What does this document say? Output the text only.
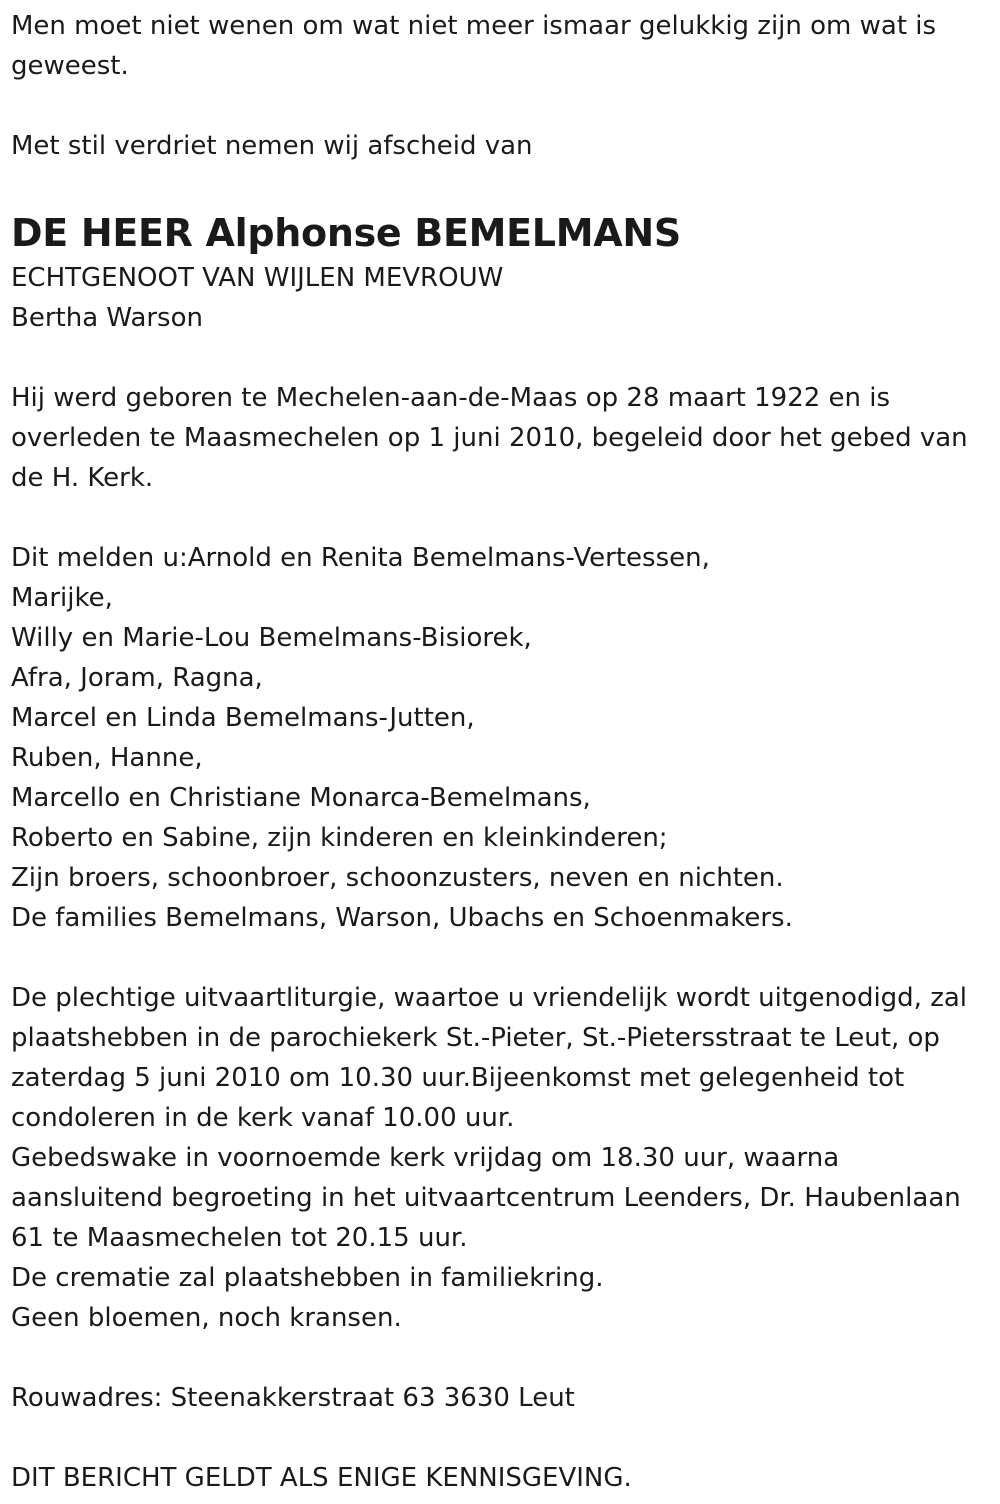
Men moet niet wenen om wat niet meer ismaar gelukkig zijn om wat is
geweest.
Met stil verdriet nemen wij afscheid van
DE HEER Alphonse BEMELMANS
ECHTGENOOT VAN WIJLEN MEVROUW
Bertha Warson
Hij werd geboren te Mechelen-aan-de-Maas op 28 maart 1922 en is
overleden te Maasmechelen op 1 juni 2010, begeleid door het gebed van
de H. Kerk.
Dit melden u:Arnold en Renita Bemelmans-Vertessen,
Marijke,
Willy en Marie-Lou Bemelmans-Bisiorek,
Afra, Joram, Ragna,
Marcel en Linda Bemelmans-Jutten,
Ruben, Hanne,
Marcello en Christiane Monarca-Bemelmans,
Roberto en Sabine, zijn kinderen en kleinkinderen;
Zijn broers, schoonbroer, schoonzusters, neven en nichten.
De families Bemelmans, Warson, Ubachs en Schoenmakers.
De plechtige uitvaartliturgie, waartoe u vriendelijk wordt uitgenodigd, zal
plaatshebben in de parochiekerk St.-Pieter, St.-Pietersstraat te Leut, op
zaterdag 5 juni 2010 om 10.30 uur.Bijeenkomst met gelegenheid tot
condoleren in de kerk vanaf 10.00 uur.
Gebedswake in voornoemde kerk vrijdag om 18.30 uur, waarna
aansluitend begroeting in het uitvaartcentrum Leenders, Dr. Haubenlaan
61 te Maasmechelen tot 20.15 uur.
De crematie zal plaatshebben in familiekring.
Geen bloemen, noch kransen.
Rouwadres: Steenakkerstraat 63 3630 Leut
DIT BERICHT GELDT ALS ENIGE KENNISGEVING.
